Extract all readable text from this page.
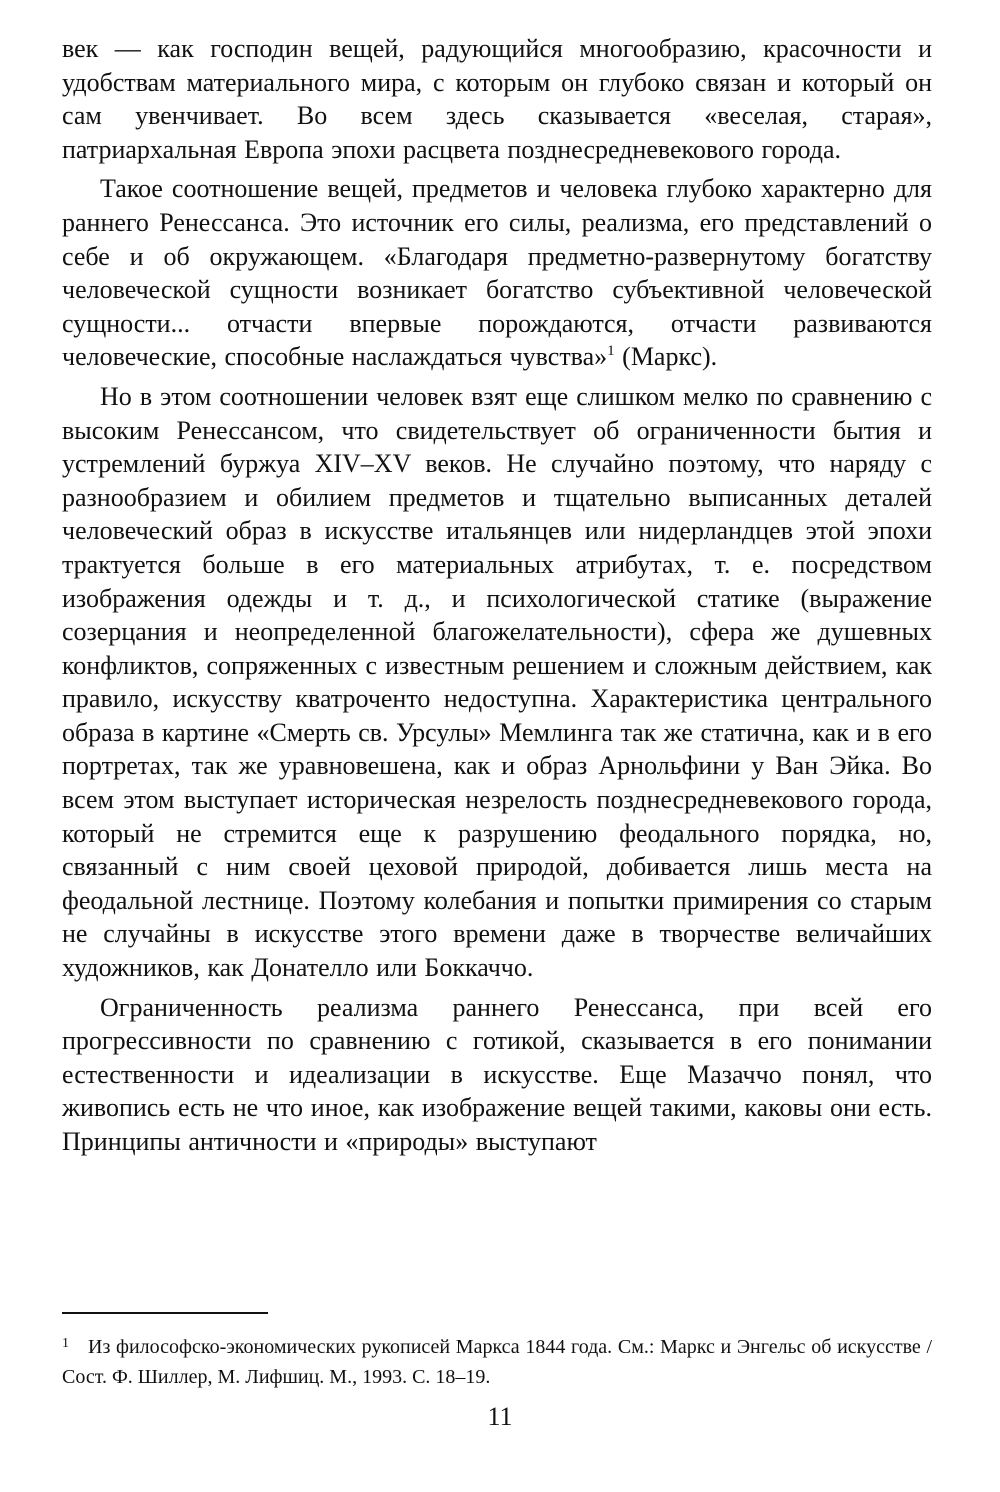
век — как господин вещей, радующийся многообразию, красочности и удобствам материального мира, с которым он глубоко связан и который он сам увенчивает. Во всем здесь сказывается «веселая, старая», патриархальная Европа эпохи расцвета позднесредневекового города.

Такое соотношение вещей, предметов и человека глубоко характерно для раннего Ренессанса. Это источник его силы, реализма, его представлений о себе и об окружающем. «Благодаря предметно-развернутому богатству человеческой сущности возникает богатство субъективной человеческой сущности... отчасти впервые порождаются, отчасти развиваются человеческие, способные наслаждаться чувства»$^1$ (Маркс).

Но в этом соотношении человек взят еще слишком мелко по сравнению с высоким Ренессансом, что свидетельствует об ограниченности бытия и устремлений буржуа XIV–XV веков. Не случайно поэтому, что наряду с разнообразием и обилием предметов и тщательно выписанных деталей человеческий образ в искусстве итальянцев или нидерландцев этой эпохи трактуется больше в его материальных атрибутах, т. е. посредством изображения одежды и т. д., и психологической статике (выражение созерцания и неопределенной благожелательности), сфера же душевных конфликтов, сопряженных с известным решением и сложным действием, как правило, искусству кватроченто недоступна. Характеристика центрального образа в картине «Смерть св. Урсулы» Мемлинга так же статична, как и в его портретах, так же уравновешена, как и образ Арнольфини у Ван Эйка. Во всем этом выступает историческая незрелость позднесредневекового города, который не стремится еще к разрушению феодального порядка, но, связанный с ним своей цеховой природой, добивается лишь места на феодальной лестнице. Поэтому колебания и попытки примирения со старым не случайны в искусстве этого времени даже в творчестве величайших художников, как Донателло или Боккаччо.

Ограниченность реализма раннего Ренессанса, при всей его прогрессивности по сравнению с готикой, сказывается в его понимании естественности и идеализации в искусстве. Еще Мазаччо понял, что живопись есть не что иное, как изображение вещей такими, каковы они есть. Принципы античности и «природы» выступают

1 Из философско-экономических рукописей Маркса 1844 года. См.: Маркс и Энгельс об искусстве / Сост. Ф. Шиллер, М. Лифшиц. М., 1993. С. 18–19.
11
